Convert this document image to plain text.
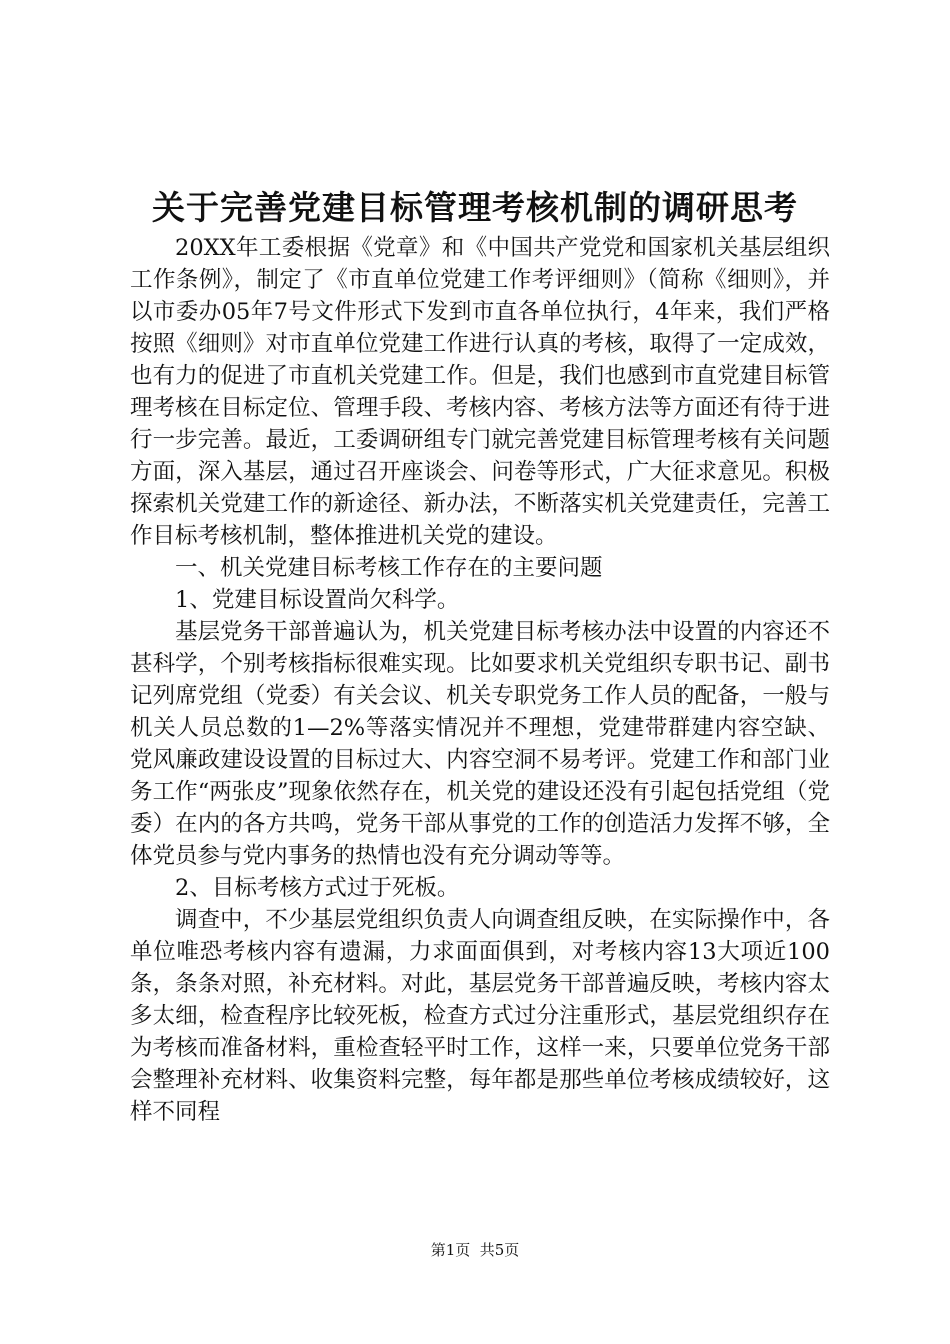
关于完善党建目标管理考核机制的调研思考

20XX年工委根据《党章》和《中国共产党党和国家机关基层组织工作条例》，制定了《市直单位党建工作考评细则》（简称《细则》，并以市委办05年7号文件形式下发到市直各单位执行，4年来，我们严格按照《细则》对市直单位党建工作进行认真的考核，取得了一定成效，也有力的促进了市直机关党建工作。但是，我们也感到市直党建目标管理考核在目标定位、管理手段、考核内容、考核方法等方面还有待于进行一步完善。最近，工委调研组专门就完善党建目标管理考核有关问题方面，深入基层，通过召开座谈会、问卷等形式，广大征求意见。积极探索机关党建工作的新途径、新办法，不断落实机关党建责任，完善工作目标考核机制，整体推进机关党的建设。

一、机关党建目标考核工作存在的主要问题

1、党建目标设置尚欠科学。

基层党务干部普遍认为，机关党建目标考核办法中设置的内容还不甚科学，个别考核指标很难实现。比如要求机关党组织专职书记、副书记列席党组（党委）有关会议、机关专职党务工作人员的配备，一般与机关人员总数的1—2%等落实情况并不理想，党建带群建内容空缺、党风廉政建设设置的目标过大、内容空洞不易考评。党建工作和部门业务工作“两张皮”现象依然存在，机关党的建设还没有引起包括党组（党委）在内的各方共鸣，党务干部从事党的工作的创造活力发挥不够，全体党员参与党内事务的热情也没有充分调动等等。

2、目标考核方式过于死板。

调查中，不少基层党组织负责人向调查组反映，在实际操作中，各单位唯恐考核内容有遗漏，力求面面俱到，对考核内容13大项近100条，条条对照，补充材料。对此，基层党务干部普遍反映，考核内容太多太细，检查程序比较死板，检查方式过分注重形式，基层党组织存在为考核而准备材料，重检查轻平时工作，这样一来，只要单位党务干部会整理补充材料、收集资料完整，每年都是那些单位考核成绩较好，这样不同程

第1页  共5页
